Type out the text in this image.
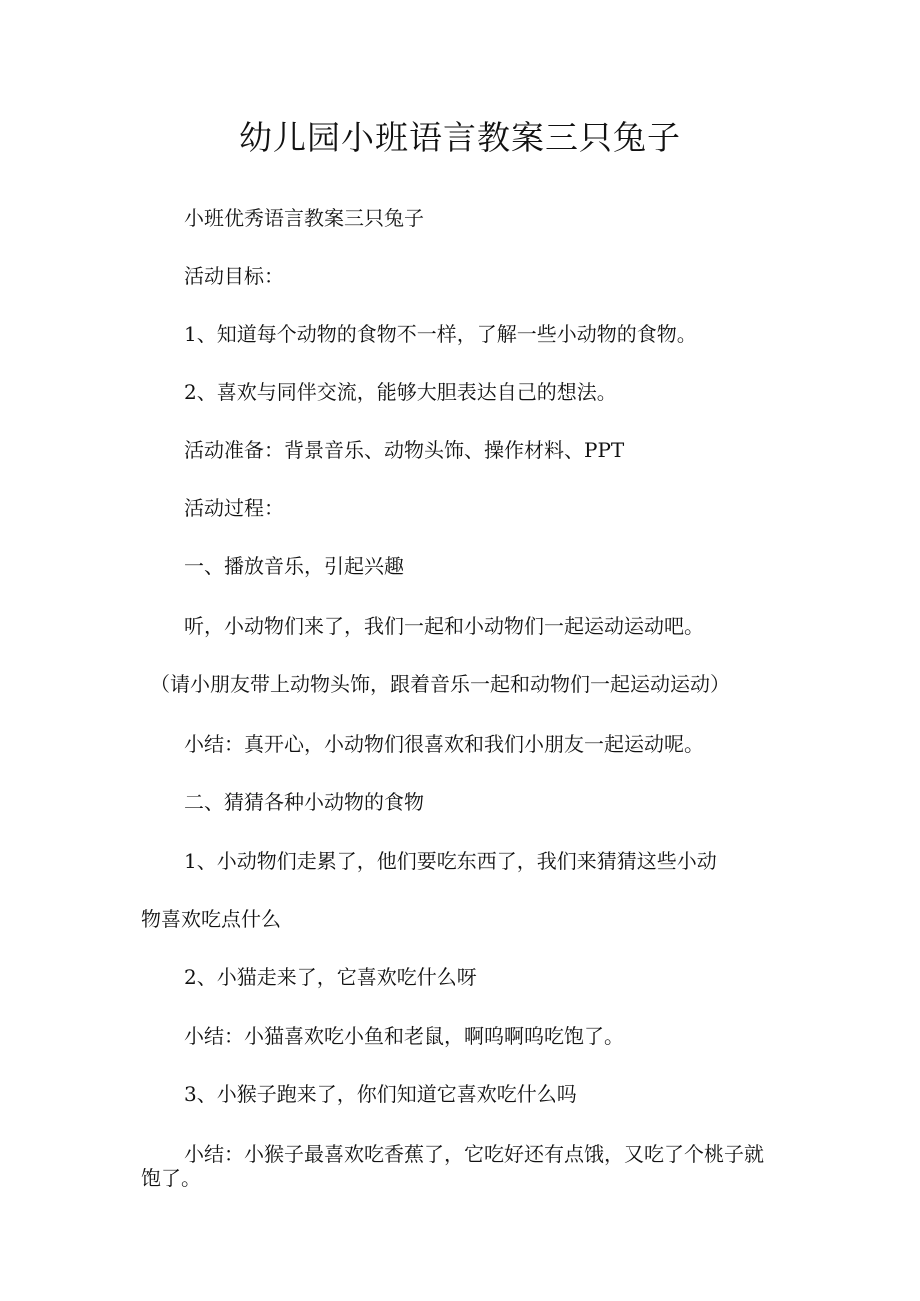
幼儿园小班语言教案三只兔子
小班优秀语言教案三只兔子
活动目标：
1、知道每个动物的食物不一样，了解一些小动物的食物。
2、喜欢与同伴交流，能够大胆表达自己的想法。
活动准备：背景音乐、动物头饰、操作材料、PPT
活动过程：
一、播放音乐，引起兴趣
听，小动物们来了，我们一起和小动物们一起运动运动吧。
（请小朋友带上动物头饰，跟着音乐一起和动物们一起运动运动）
小结：真开心，小动物们很喜欢和我们小朋友一起运动呢。
二、猜猜各种小动物的食物
1、小动物们走累了，他们要吃东西了，我们来猜猜这些小动
物喜欢吃点什么
2、小猫走来了，它喜欢吃什么呀
小结：小猫喜欢吃小鱼和老鼠，啊呜啊呜吃饱了。
3、小猴子跑来了，你们知道它喜欢吃什么吗
小结：小猴子最喜欢吃香蕉了，它吃好还有点饿，又吃了个桃子就
饱了。
